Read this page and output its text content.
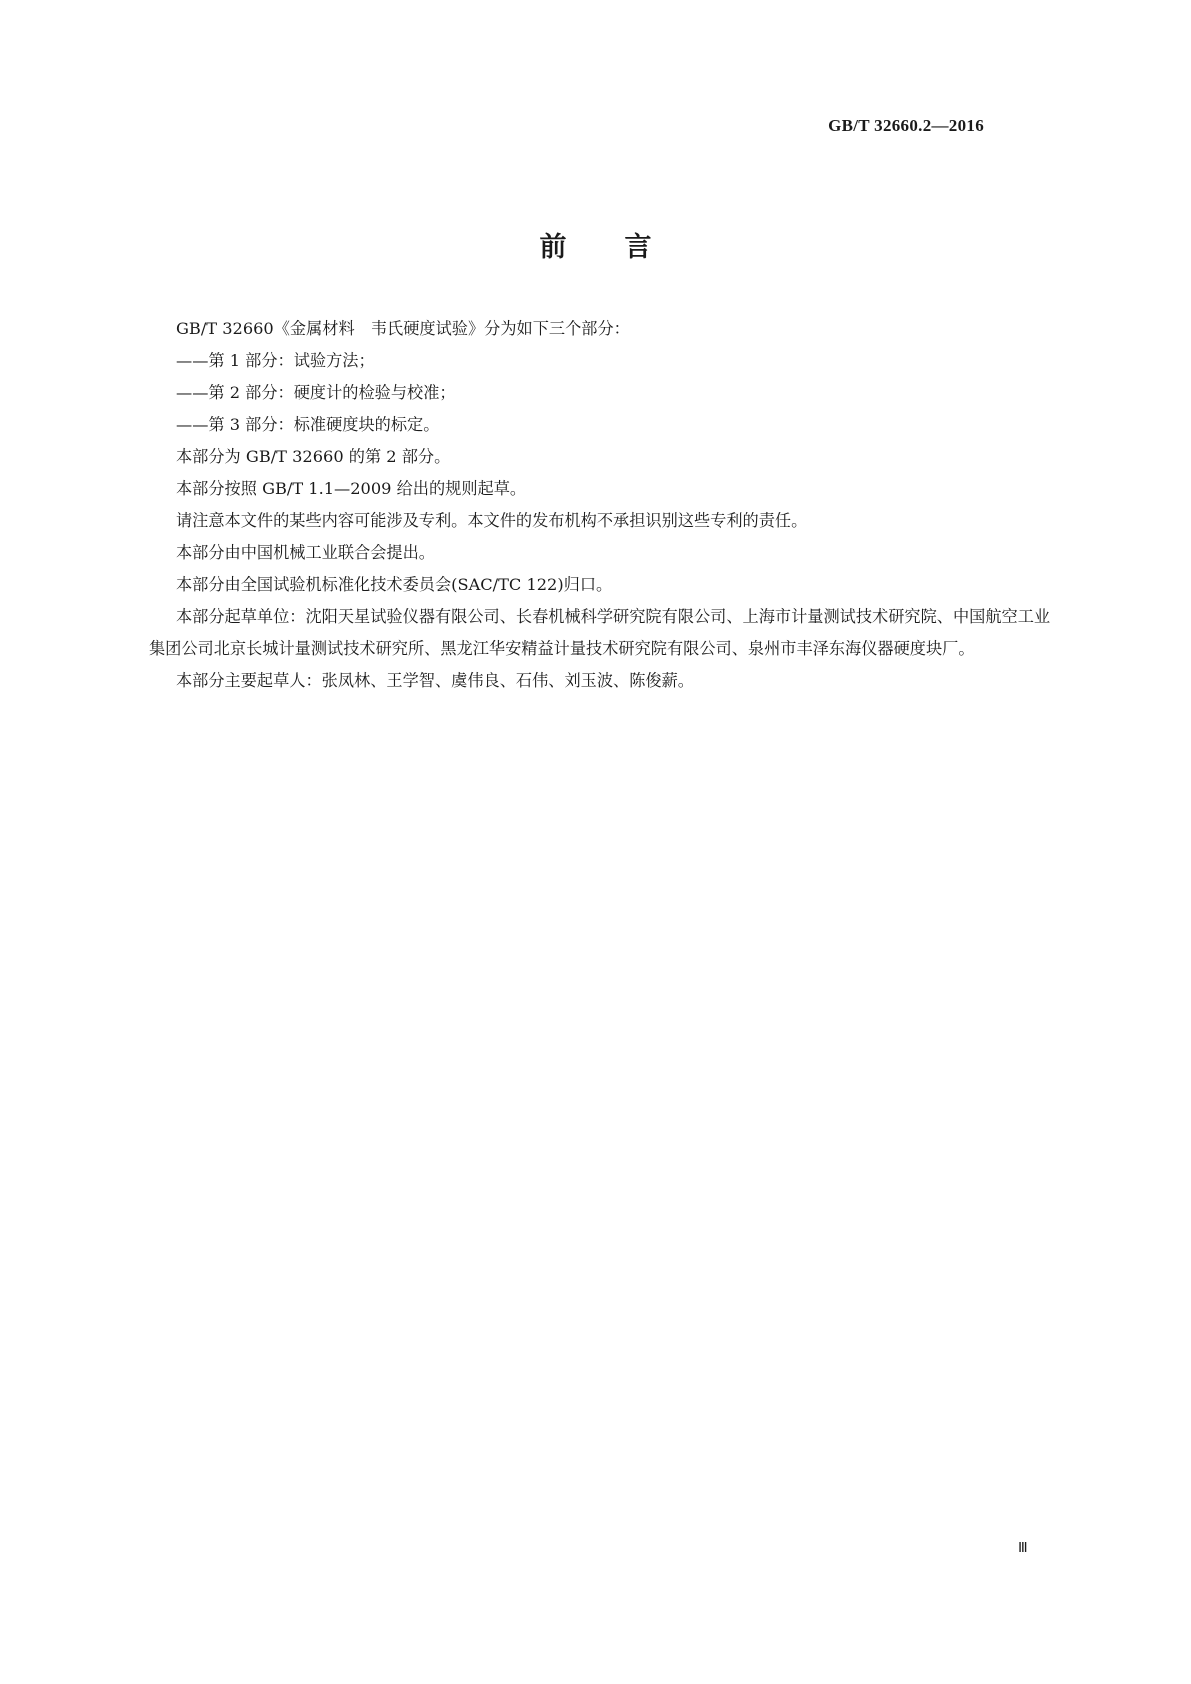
GB/T 32660.2—2016
前言

GB/T 32660《金属材料　韦氏硬度试验》分为如下三个部分：

——第 1 部分：试验方法；

——第 2 部分：硬度计的检验与校准；

——第 3 部分：标准硬度块的标定。

本部分为 GB/T 32660 的第 2 部分。

本部分按照 GB/T 1.1—2009 给出的规则起草。

请注意本文件的某些内容可能涉及专利。本文件的发布机构不承担识别这些专利的责任。

本部分由中国机械工业联合会提出。

本部分由全国试验机标准化技术委员会(SAC/TC 122)归口。

本部分起草单位：沈阳天星试验仪器有限公司、长春机械科学研究院有限公司、上海市计量测试技术研究院、中国航空工业集团公司北京长城计量测试技术研究所、黑龙江华安精益计量技术研究院有限公司、泉州市丰泽东海仪器硬度块厂。

本部分主要起草人：张凤林、王学智、虞伟良、石伟、刘玉波、陈俊薪。

Ⅲ
